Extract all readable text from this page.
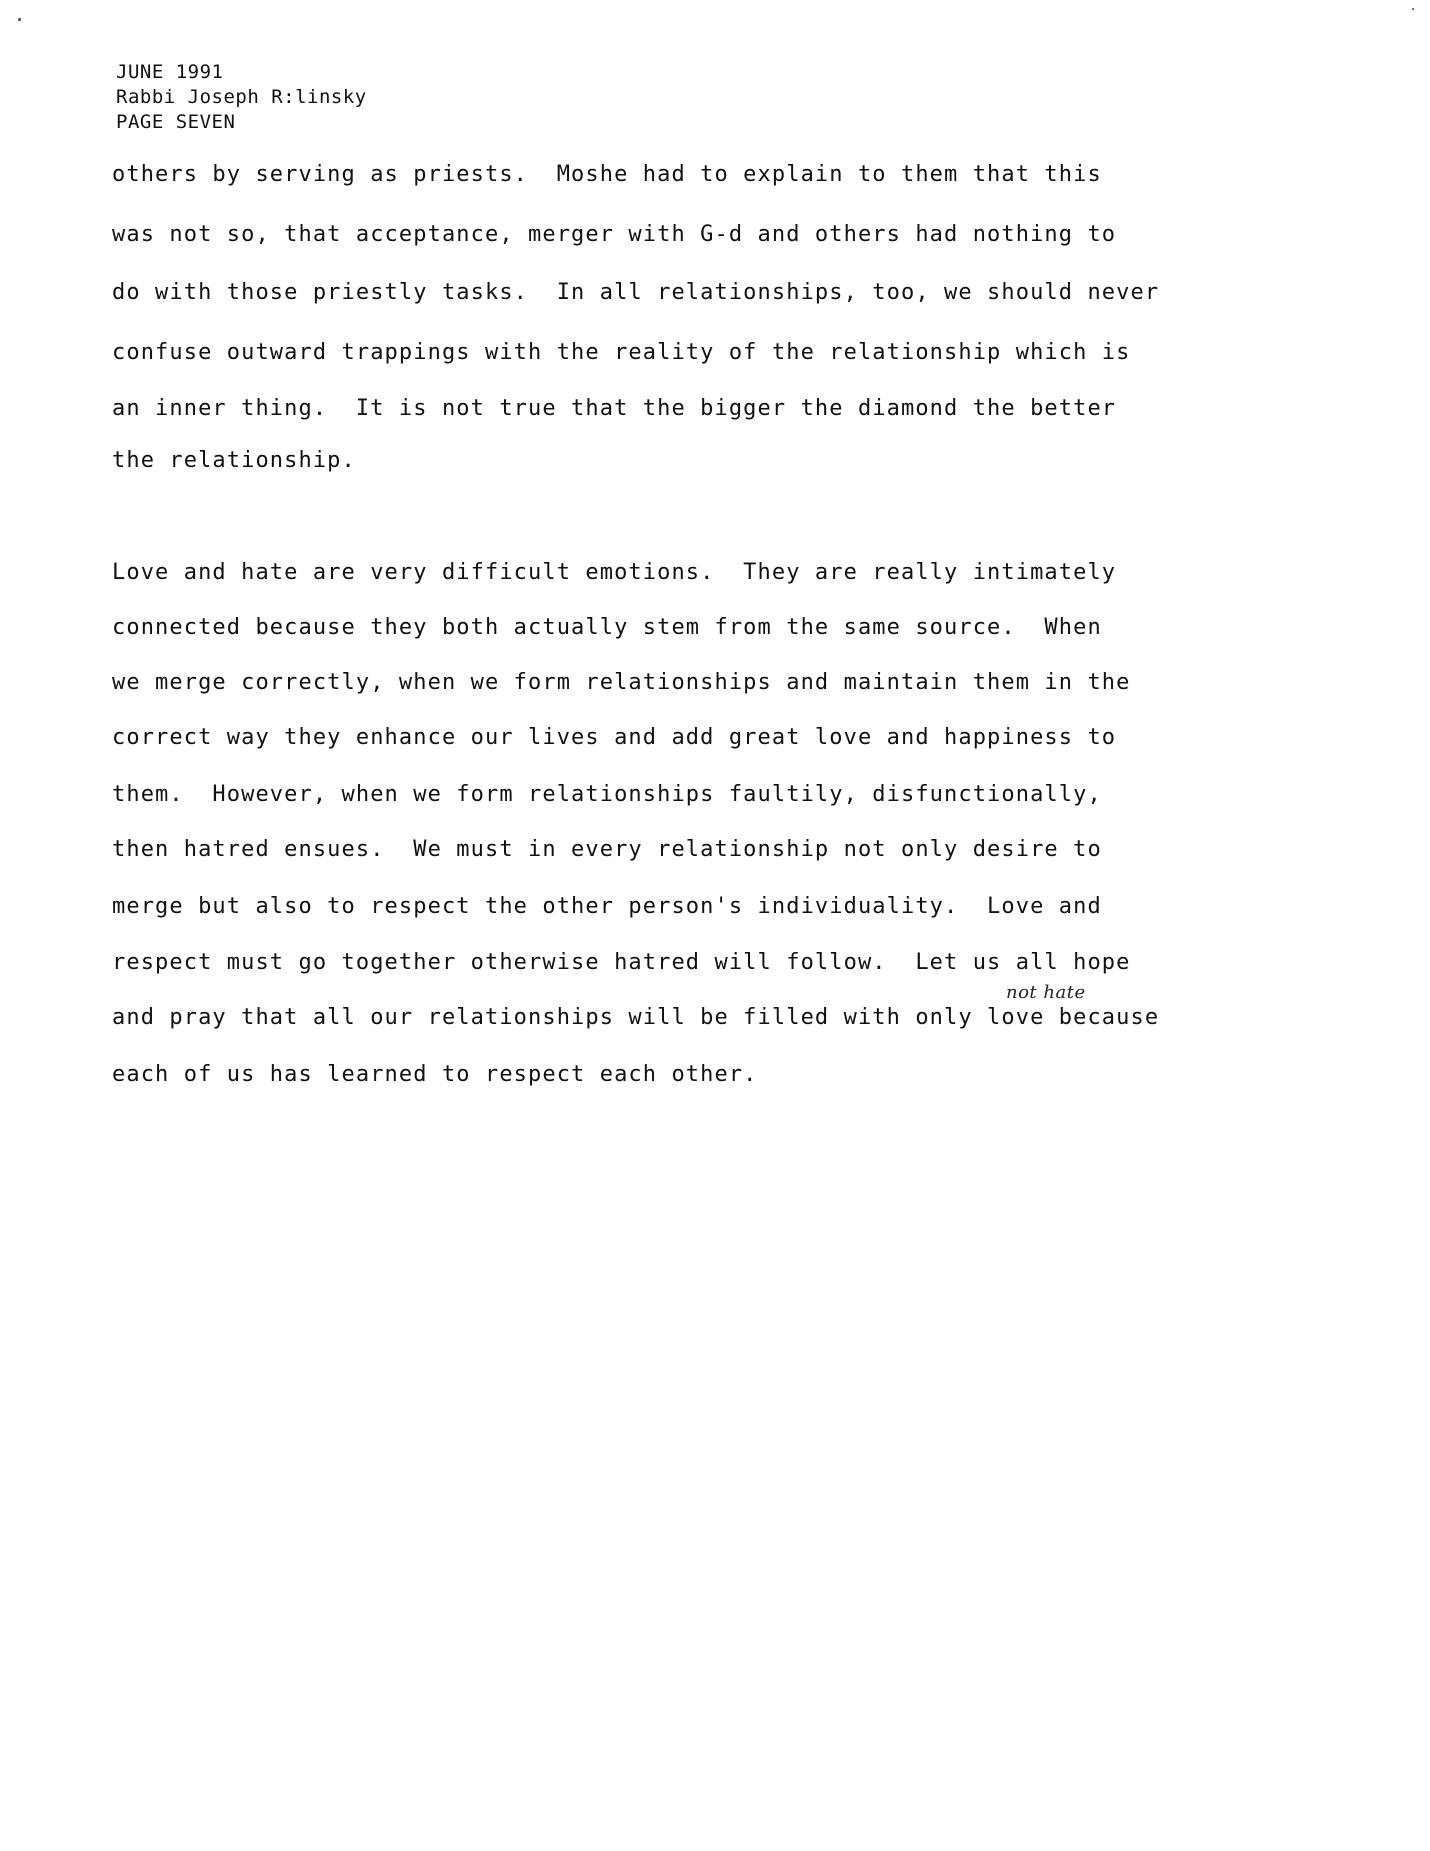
JUNE 1991
Rabbi Joseph R:linsky
PAGE SEVEN
others by serving as priests.  Moshe had to explain to them that this
was not so, that acceptance, merger with G-d and others had nothing to
do with those priestly tasks.  In all relationships, too, we should never
confuse outward trappings with the reality of the relationship which is
an inner thing.  It is not true that the bigger the diamond the better
the relationship.
Love and hate are very difficult emotions.  They are really intimately
connected because they both actually stem from the same source.  When
we merge correctly, when we form relationships and maintain them in the
correct way they enhance our lives and add great love and happiness to
them.  However, when we form relationships faultily, disfunctionally,
then hatred ensues.  We must in every relationship not only desire to
merge but also to respect the other person's individuality.  Love and
respect must go together otherwise hatred will follow.  Let us all hope
and pray that all our relationships will be filled with only love because
each of us has learned to respect each other.
not hate
